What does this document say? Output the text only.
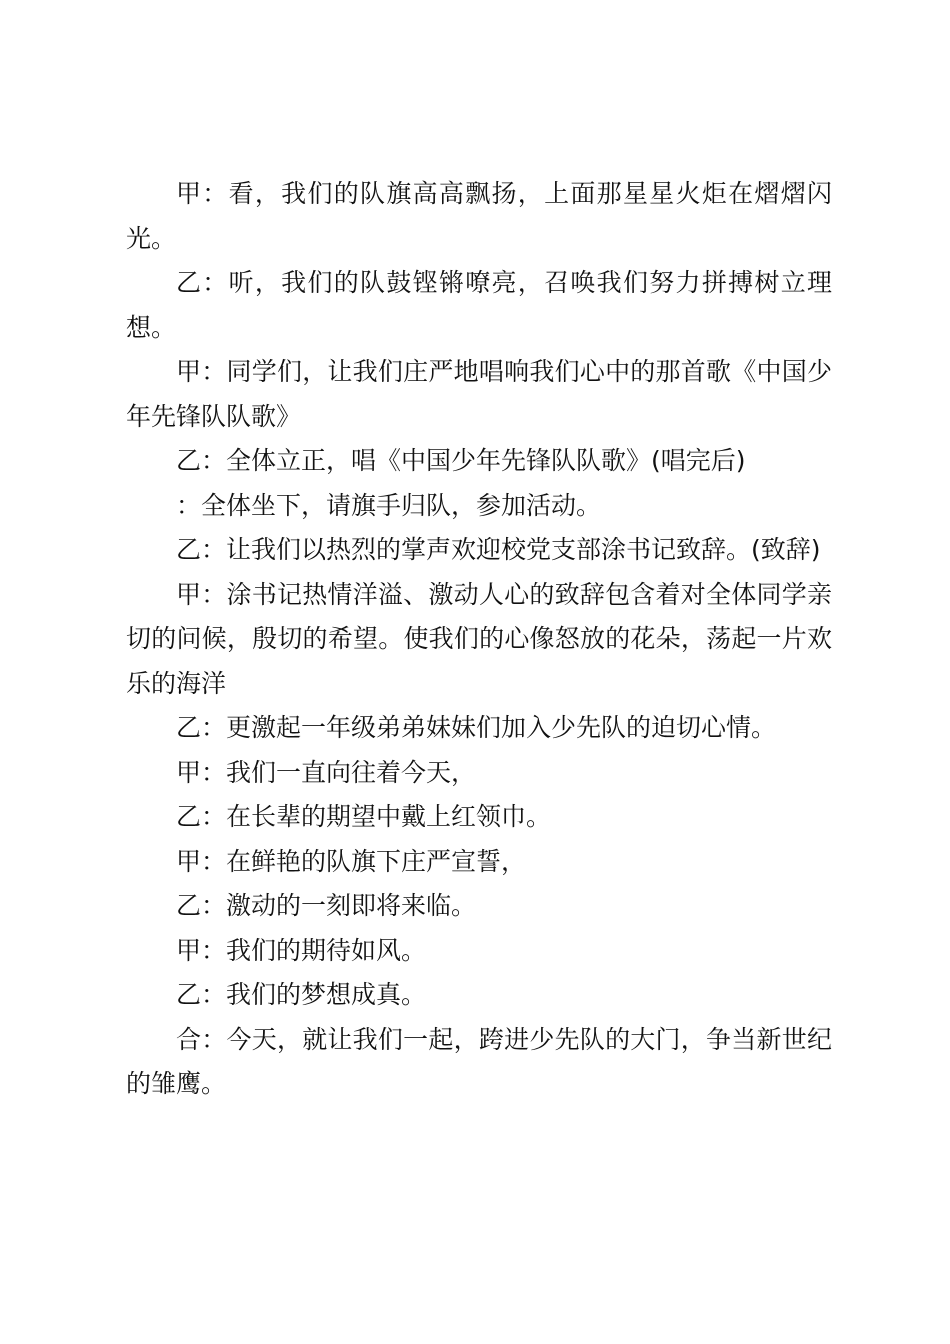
甲：看，我们的队旗高高飘扬，上面那星星火炬在熠熠闪光。

乙：听，我们的队鼓铿锵嘹亮，召唤我们努力拼搏树立理想。

甲：同学们，让我们庄严地唱响我们心中的那首歌《中国少年先锋队队歌》

乙：全体立正，唱《中国少年先锋队队歌》(唱完后)

：全体坐下，请旗手归队，参加活动。

乙：让我们以热烈的掌声欢迎校党支部涂书记致辞。(致辞)

甲：涂书记热情洋溢、激动人心的致辞包含着对全体同学亲切的问候，殷切的希望。使我们的心像怒放的花朵，荡起一片欢乐的海洋

乙：更激起一年级弟弟妹妹们加入少先队的迫切心情。

甲：我们一直向往着今天，

乙：在长辈的期望中戴上红领巾。

甲：在鲜艳的队旗下庄严宣誓，

乙：激动的一刻即将来临。

甲：我们的期待如风。

乙：我们的梦想成真。

合：今天，就让我们一起，跨进少先队的大门，争当新世纪的雏鹰。
